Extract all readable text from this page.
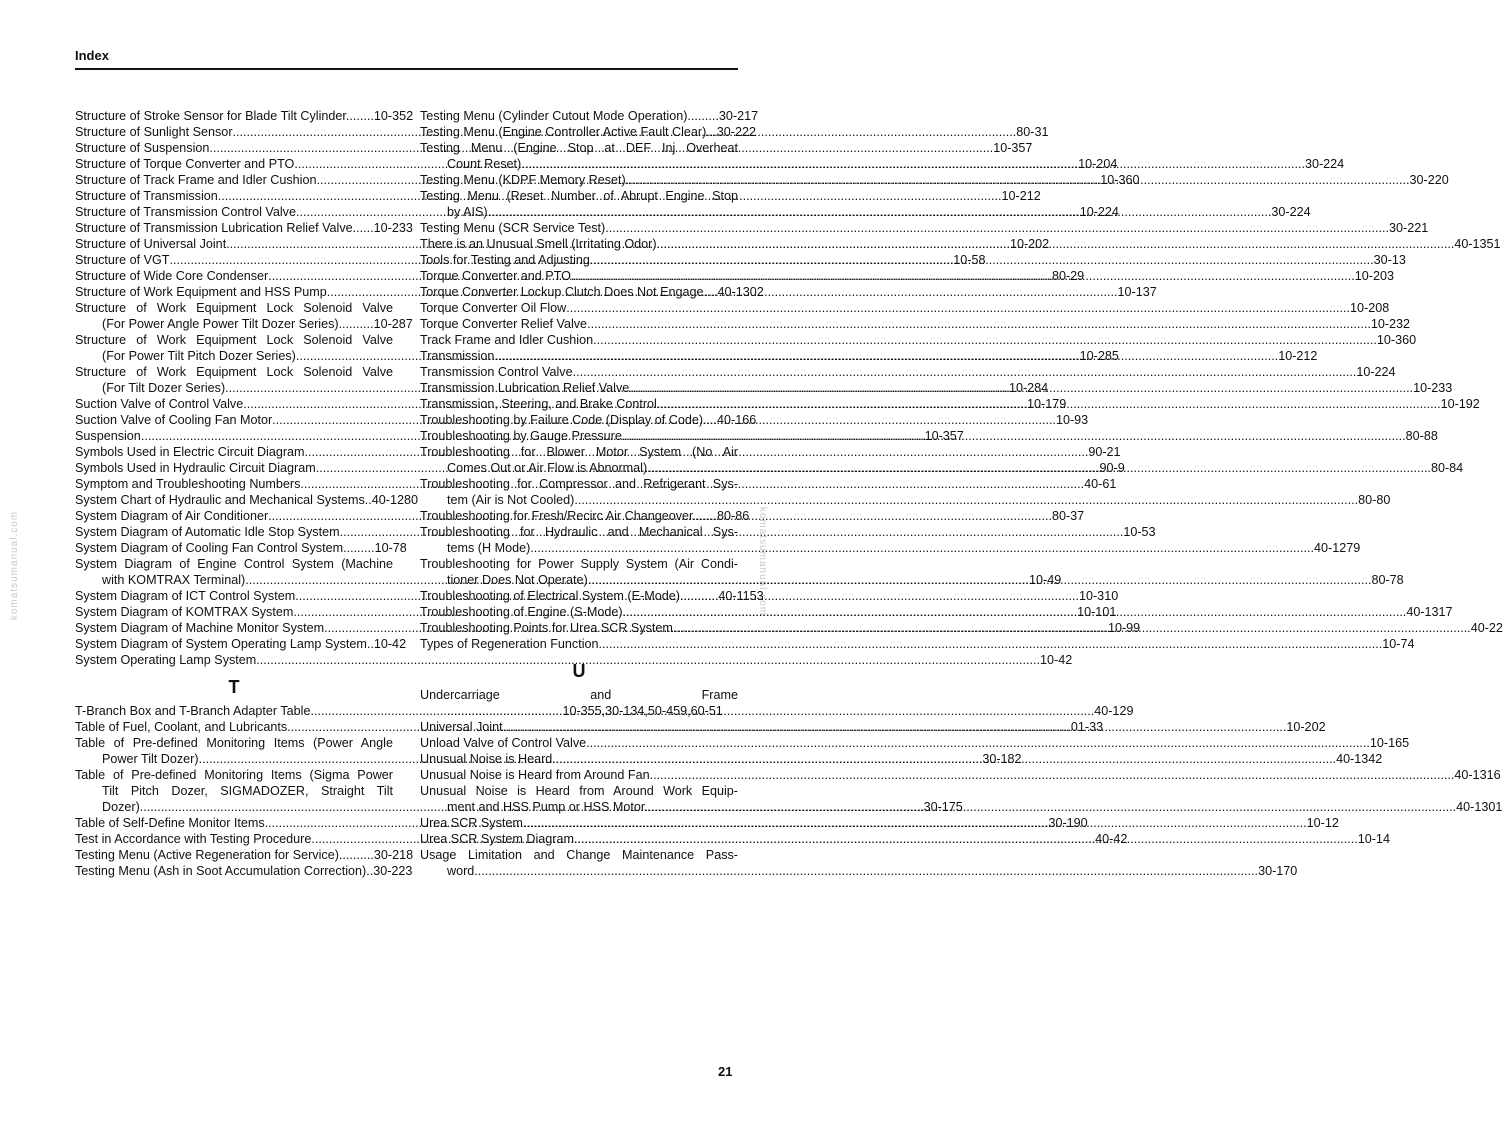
Index
komatsumanual.com	komatsumanual.com
Structure of Stroke Sensor for Blade Tilt Cylinder........ 10-352
Structure of Sunlight Sensor .....	80-31
Structure of Suspension .....	10-357
Structure of Torque Converter and PTO .....	10-204
Structure of Track Frame and Idler Cushion .....	10-360
Structure of Transmission .....	10-212
Structure of Transmission Control Valve .....	10-224
Structure of Transmission Lubrication Relief Valve...... 10-233
Structure of Universal Joint .....	10-202
Structure of VGT .....	10-58
Structure of Wide Core Condenser .....	80-29
Structure of Work Equipment and HSS Pump.. .....	10-137
Structure of Work Equipment Lock Solenoid Valve
(For Power Angle Power Tilt Dozer Series).......... 10-287
Structure of Work Equipment Lock Solenoid Valve
(For Power Tilt Pitch Dozer Series) .....	10-285
Structure of Work Equipment Lock Solenoid Valve
(For Tilt Dozer Series) .....	10-284
Suction Valve of Control Valve .....	10-179
Suction Valve of Cooling Fan Motor .....	10-93
Suspension .....	10-357
Symbols Used in Electric Circuit Diagram .....	90-21
Symbols Used in Hydraulic Circuit Diagram .....	90-9
Symptom and Troubleshooting Numbers .....	40-61
System Chart of Hydraulic and Mechanical Systems.. 40-1280
System Diagram of Air Conditioner .....	80-37
System Diagram of Automatic Idle Stop System .....	10-53
System Diagram of Cooling Fan Control System......... 10-78
System Diagram of Engine Control System (Machine
with KOMTRAX Terminal) .....	10-49
System Diagram of ICT Control System .....	10-310
System Diagram of KOMTRAX System .....	10-101
System Diagram of Machine Monitor System .....	10-99
System Diagram of System Operating Lamp System.. 10-42
System Operating Lamp System .....	10-42
T
T-Branch Box and T-Branch Adapter Table .....	40-129
Table of Fuel, Coolant, and Lubricants .....	01-33
Table of Pre-defined Monitoring Items (Power Angle
Power Tilt Dozer) .....	30-182
Table of Pre-defined Monitoring Items (Sigma Power
Tilt Pitch Dozer, SIGMADOZER, Straight Tilt
Dozer) .....	30-175
Table of Self-Define Monitor Items .....	30-190
Test in Accordance with Testing Procedure .....	40-42
Testing Menu (Active Regeneration for Service).......... 30-218
Testing Menu (Ash in Soot Accumulation Correction).. 30-223
Testing Menu (Cylinder Cutout Mode Operation)......... 30-217
Testing Menu (Engine Controller Active Fault Clear)... 30-222
Testing Menu (Engine Stop at DEF Inj Overheat
Count Reset) .....	30-224
Testing Menu (KDPF Memory Reset) .....	30-220
Testing Menu (Reset Number of Abrupt Engine Stop
by AIS) .....	30-224
Testing Menu (SCR Service Test) .....	30-221
There is an Unusual Smell (Irritating Odor).... .....	40-1351
Tools for Testing and Adjusting .....	30-13
Torque Converter and PTO .....	10-203
Torque Converter Lockup Clutch Does Not Engage.... 40-1302
Torque Converter Oil Flow .....	10-208
Torque Converter Relief Valve .....	10-232
Track Frame and Idler Cushion .....	10-360
Transmission .....	10-212
Transmission Control Valve .....	10-224
Transmission Lubrication Relief Valve .....	10-233
Transmission, Steering, and Brake Control .....	10-192
Troubleshooting by Failure Code (Display of Code).... 40-166
Troubleshooting by Gauge Pressure .....	80-88
Troubleshooting for Blower Motor System (No Air
Comes Out or Air Flow is Abnormal) .....	80-84
Troubleshooting for Compressor and Refrigerant Sys-
tem (Air is Not Cooled) .....	80-80
Troubleshooting for Fresh/Recirc Air Changeover....... 80-86
Troubleshooting for Hydraulic and Mechanical Sys-
tems (H Mode) .....	40-1279
Troubleshooting for Power Supply System (Air Condi-
tioner Does Not Operate) .....	80-78
Troubleshooting of Electrical System (E-Mode)........... 40-1153
Troubleshooting of Engine (S-Mode) .....	40-1317
Troubleshooting Points for Urea SCR System.... .....	40-22
Types of Regeneration Function .....	10-74
U
Undercarriage and Frame
................................ 10-355,30-134,50-459,60-51
Universal Joint .....	10-202
Unload Valve of Control Valve .....	10-165
Unusual Noise is Heard .....	40-1342
Unusual Noise is Heard from Around Fan...... .....	40-1316
Unusual Noise is Heard from Around Work Equip-
ment and HSS Pump or HSS Motor........ .....	40-1301
Urea SCR System .....	10-12
Urea SCR System Diagram .....	10-14
Usage Limitation and Change Maintenance Pass-
word .....	30-170
21
